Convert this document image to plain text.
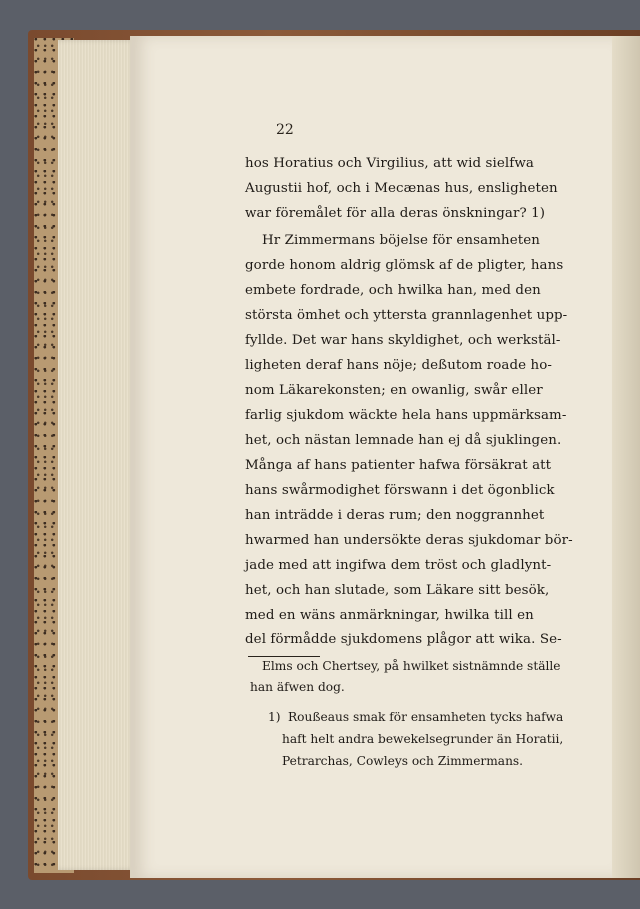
22
hos Horatius och Virgilius, att wid sielfwa
Augustii hof, och i Mecænas hus, ensligheten
war föremålet för alla deras önskningar? 1)
Hr Zimmermans böjelse för ensamheten
gorde honom aldrig glömsk af de pligter, hans
embete fordrade, och hwilka han, med den
största ömhet och yttersta grannlagenhet upp-
fyllde. Det war hans skyldighet, och werkstäl-
ligheten deraf hans nöje; deßutom roade ho-
nom Läkarekonsten; en owanlig, swår eller
farlig sjukdom wäckte hela hans uppmärksam-
het, och nästan lemnade han ej då sjuklingen.
Många af hans patienter hafwa försäkrat att
hans swårmodighet förswann i det ögonblick
han inträdde i deras rum; den noggrannhet
hwarmed han undersökte deras sjukdomar bör-
jade med att ingifwa dem tröst och gladlynt-
het, och han slutade, som Läkare sitt besök,
med en wäns anmärkningar, hwilka till en
del förmådde sjukdomens plågor att wika. Se-
Elms och Chertsey, på hwilket sistnämnde ställe
han äfwen dog.
1) Roußeaus smak för ensamheten tycks hafwa
haft helt andra bewekelsegrunder än Horatii,
Petrarchas, Cowleys och Zimmermans.
